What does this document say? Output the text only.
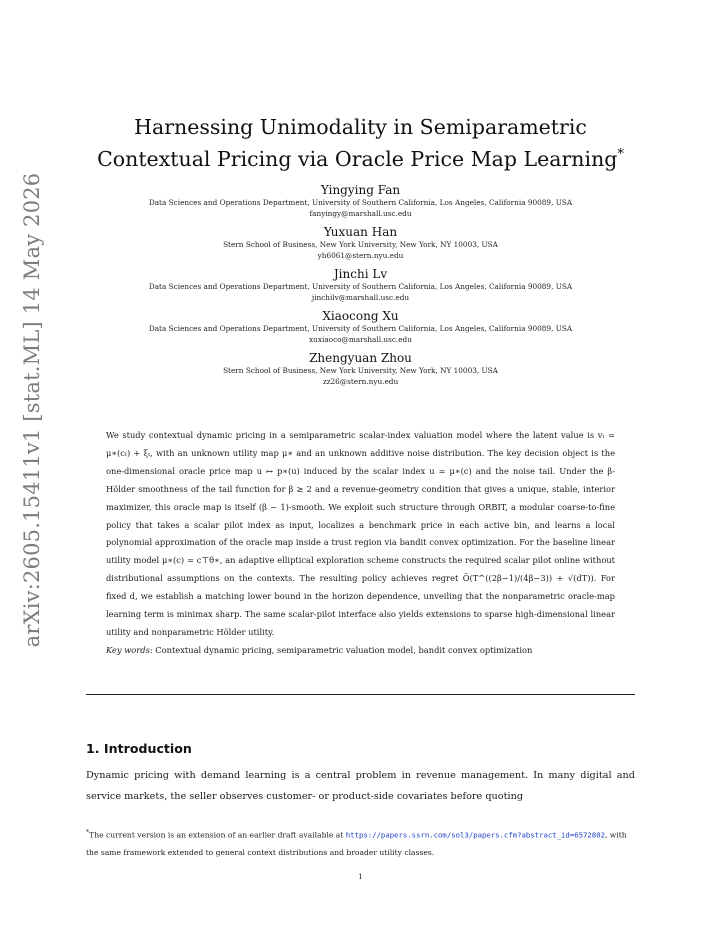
arXiv:2605.15411v1 [stat.ML] 14 May 2026
Harnessing Unimodality in Semiparametric
Contextual Pricing via Oracle Price Map Learning*
Yingying Fan
Data Sciences and Operations Department, University of Southern California, Los Angeles, California 90089, USA
fanyingy@marshall.usc.edu
Yuxuan Han
Stern School of Business, New York University, New York, NY 10003, USA
yh6061@stern.nyu.edu
Jinchi Lv
Data Sciences and Operations Department, University of Southern California, Los Angeles, California 90089, USA
jinchilv@marshall.usc.edu
Xiaocong Xu
Data Sciences and Operations Department, University of Southern California, Los Angeles, California 90089, USA
xuxiaoco@marshall.usc.edu
Zhengyuan Zhou
Stern School of Business, New York University, New York, NY 10003, USA
zz26@stern.nyu.edu

We study contextual dynamic pricing in a semiparametric scalar-index valuation model where the latent value is vₜ = μ∗(cₜ) + ξₜ, with an unknown utility map μ∗ and an unknown additive noise distribution. The key decision object is the one-dimensional oracle price map u ↦ p∗(u) induced by the scalar index u = μ∗(c) and the noise tail. Under the β-Hölder smoothness of the tail function for β ≥ 2 and a revenue-geometry condition that gives a unique, stable, interior maximizer, this oracle map is itself (β − 1)-smooth. We exploit such structure through ORBIT, a modular coarse-to-fine policy that takes a scalar pilot index as input, localizes a benchmark price in each active bin, and learns a local polynomial approximation of the oracle map inside a trust region via bandit convex optimization. For the baseline linear utility model μ∗(c) = c⊤θ∗, an adaptive elliptical exploration scheme constructs the required scalar pilot online without distributional assumptions on the contexts. The resulting policy achieves regret Õ(T^((2β−1)/(4β−3)) + √(dT)). For fixed d, we establish a matching lower bound in the horizon dependence, unveiling that the nonparametric oracle-map learning term is minimax sharp. The same scalar-pilot interface also yields extensions to sparse high-dimensional linear utility and nonparametric Hölder utility.

Key words: Contextual dynamic pricing, semiparametric valuation model, bandit convex optimization

1. Introduction
Dynamic pricing with demand learning is a central problem in revenue management. In many digital and service markets, the seller observes customer- or product-side covariates before quoting
*The current version is an extension of an earlier draft available at https://papers.ssrn.com/sol3/papers.cfm?abstract_id=6572802, with the same framework extended to general context distributions and broader utility classes.
1
